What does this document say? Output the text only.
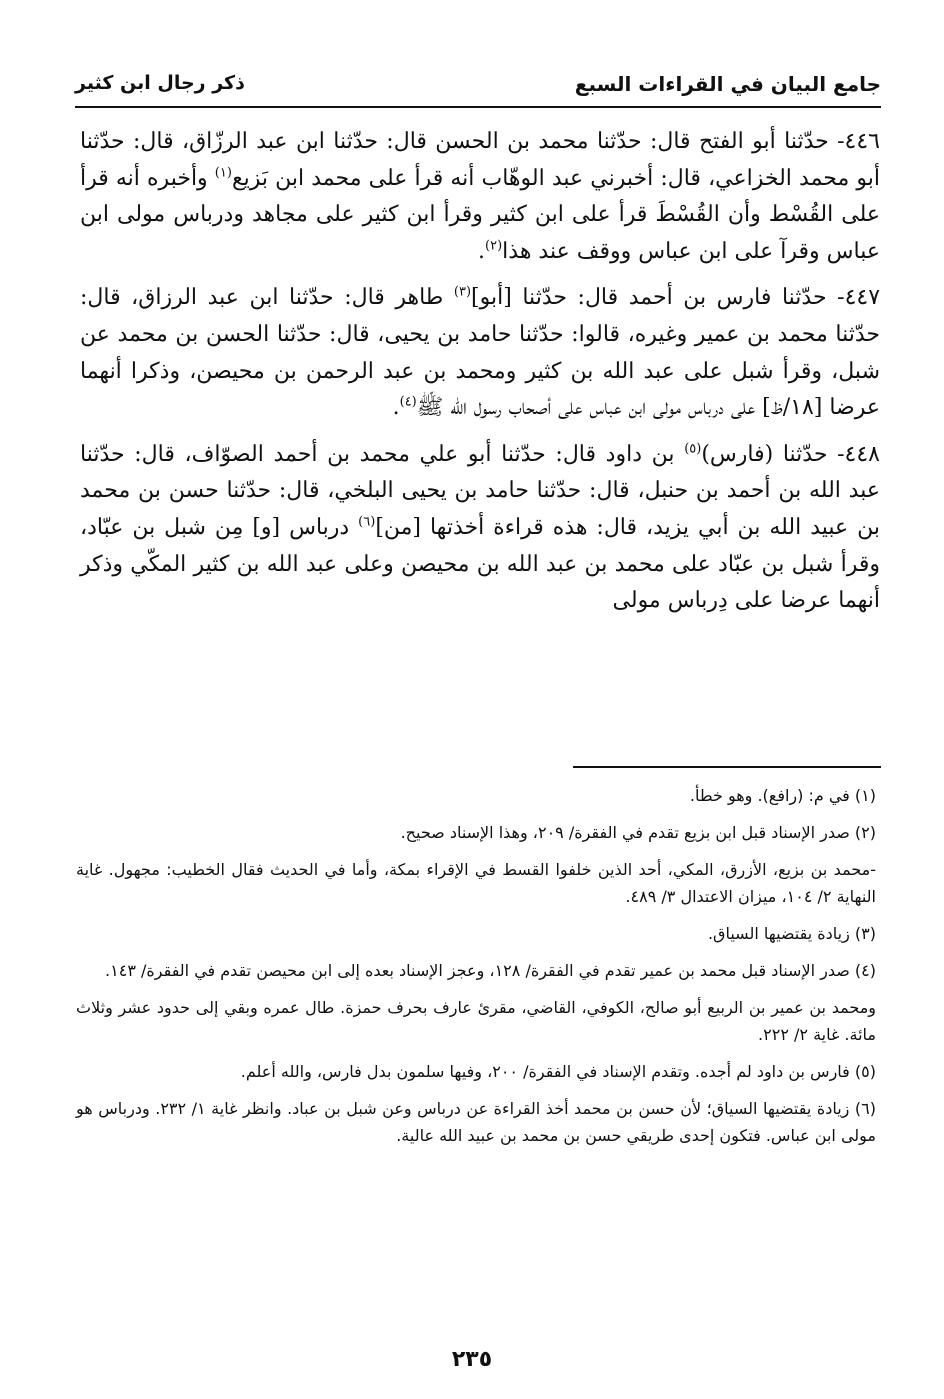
جامع البيان في القراءات السبع
ذكر رجال ابن كثير

٤٤٦- حدّثنا أبو الفتح قال: حدّثنا محمد بن الحسن قال: حدّثنا ابن عبد الرزّاق، قال: حدّثنا أبو محمد الخزاعي، قال: أخبرني عبد الوهّاب أنه قرأ على محمد ابن بَزيع$^{(١)}$ وأخبره أنه قرأ على القُسْط وأن القُسْطَ قرأ على ابن كثير وقرأ ابن كثير على مجاهد ودرباس مولى ابن عباس وقرآ على ابن عباس ووقف عند هذا$^{(٢)}$.

٤٤٧- حدّثنا فارس بن أحمد قال: حدّثنا [أبو]$^{(٣)}$ طاهر قال: حدّثنا ابن عبد الرزاق، قال: حدّثنا محمد بن عمير وغيره، قالوا: حدّثنا حامد بن يحيى، قال: حدّثنا الحسن بن محمد عن شبل، وقرأ شبل على عبد الله بن كثير ومحمد بن عبد الرحمن بن محيصن، وذكرا أنهما عرضا [١٨/ظ] على درباس مولى ابن عباس على أصحاب رسول الله ﷺ$^{(٤)}$.

٤٤٨- حدّثنا (فارس)$^{(٥)}$ بن داود قال: حدّثنا أبو علي محمد بن أحمد الصوّاف، قال: حدّثنا عبد الله بن أحمد بن حنبل، قال: حدّثنا حامد بن يحيى البلخي، قال: حدّثنا حسن بن محمد بن عبيد الله بن أبي يزيد، قال: هذه قراءة أخذتها [من]$^{(٦)}$ درباس [و] مِن شبل بن عبّاد، وقرأ شبل بن عبّاد على محمد بن عبد الله بن محيصن وعلى عبد الله بن كثير المكّي وذكر أنهما عرضا على دِرباس مولى

(١) في م: (رافع). وهو خطأ.

(٢) صدر الإسناد قبل ابن بزيع تقدم في الفقرة/ ٢٠٩، وهذا الإسناد صحيح.

-محمد بن بزيع، الأزرق، المكي، أحد الذين خلفوا القسط في الإقراء بمكة، وأما في الحديث فقال الخطيب: مجهول. غاية النهاية ٢/ ١٠٤، ميزان الاعتدال ٣/ ٤٨٩.

(٣) زيادة يقتضيها السياق.

(٤) صدر الإسناد قبل محمد بن عمير تقدم في الفقرة/ ١٢٨، وعجز الإسناد بعده إلى ابن محيصن تقدم في الفقرة/ ١٤٣.

ومحمد بن عمير بن الربيع أبو صالح، الكوفي، القاضي، مقرئ عارف بحرف حمزة. طال عمره وبقي إلى حدود عشر وثلاث مائة. غاية ٢/ ٢٢٢.

(٥) فارس بن داود لم أجده. وتقدم الإسناد في الفقرة/ ٢٠٠، وفيها سلمون بدل فارس، والله أعلم.

(٦) زيادة يقتضيها السياق؛ لأن حسن بن محمد أخذ القراءة عن درباس وعن شبل بن عباد. وانظر غاية ١/ ٢٣٢. ودرباس هو مولى ابن عباس. فتكون إحدى طريقي حسن بن محمد بن عبيد الله عالية.

٢٣٥
